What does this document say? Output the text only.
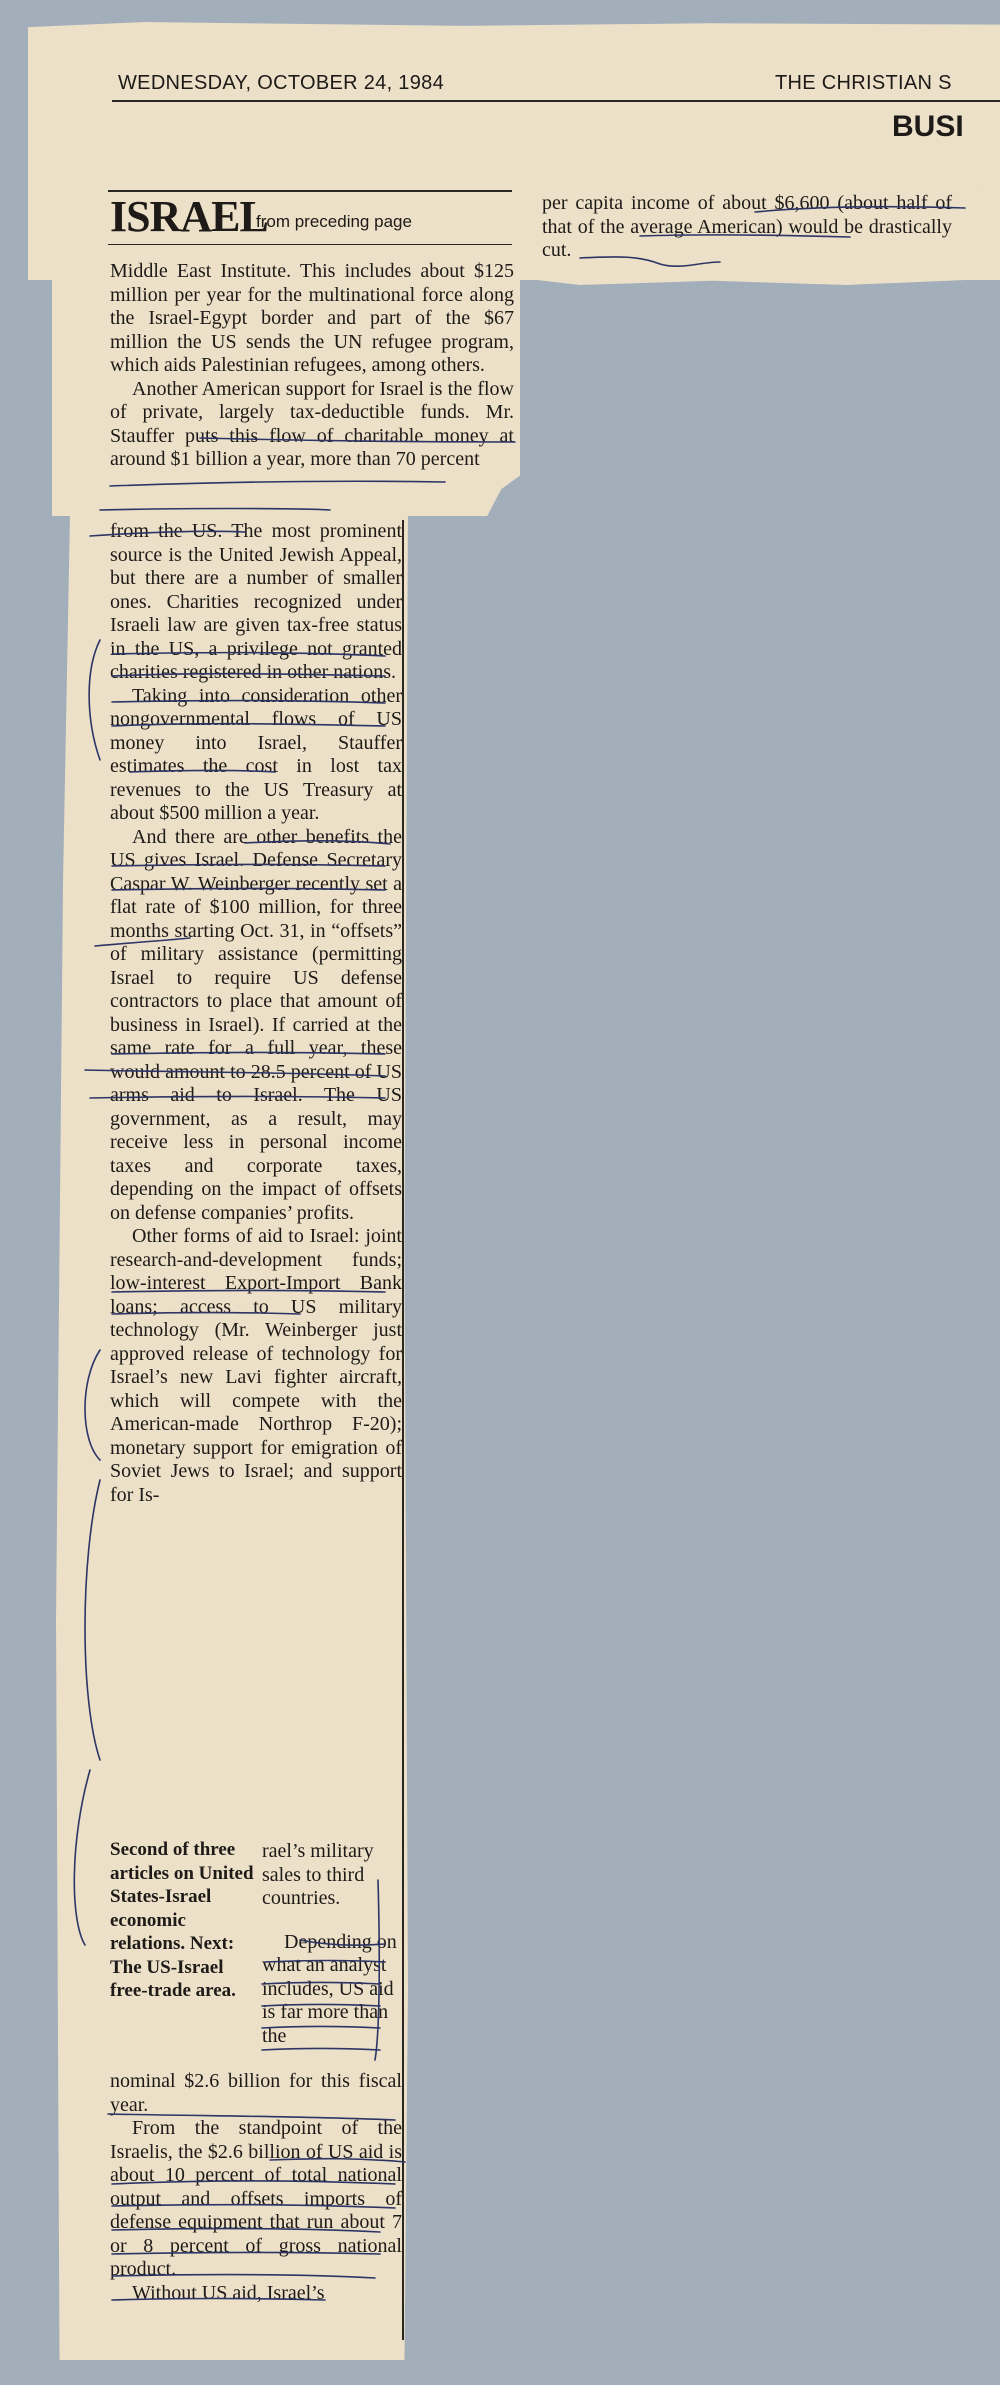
WEDNESDAY, OCTOBER 24, 1984	THE CHRISTIAN S
BUSI
ISRAEL
from preceding page

per capita income of about $6,600 (about half of that of the average American) would be drastically cut.

Middle East Institute. This includes about $125 million per year for the multinational force along the Israel-Egypt border and part of the $67 million the US sends the UN refugee program, which aids Palestinian refugees, among others.

Another American support for Israel is the flow of private, largely tax-deductible funds. Mr. Stauffer puts this flow of charitable money at around $1 billion a year, more than 70 percent

from the US. The most prominent source is the United Jewish Appeal, but there are a number of smaller ones. Charities recognized under Israeli law are given tax-free status in the US, a privilege not granted charities registered in other nations.

Taking into consideration other nongovernmental flows of US money into Israel, Stauffer estimates the cost in lost tax revenues to the US Treasury at about $500 million a year.

And there are other benefits the US gives Israel. Defense Secretary Caspar W. Weinberger recently set a flat rate of $100 million, for three months starting Oct. 31, in “offsets” of military assistance (permitting Israel to require US defense contractors to place that amount of business in Israel). If carried at the same rate for a full year, these would amount to 28.5 percent of US arms aid to Israel. The US government, as a result, may receive less in personal income taxes and corporate taxes, depending on the impact of offsets on defense companies’ profits.

Other forms of aid to Israel: joint research-and-development funds; low-interest Export-Import Bank loans; access to US military technology (Mr. Weinberger just approved release of technology for Israel’s new Lavi fighter aircraft, which will compete with the American-made Northrop F-20); monetary support for emigration of Soviet Jews to Israel; and support for Is-

Second of three articles on United States-Israel economic relations. Next: The US-Israel free-trade area.

rael’s military sales to third countries.

Depending on what an analyst includes, US aid is far more than the

nominal $2.6 billion for this fiscal year.

From the standpoint of the Israelis, the $2.6 billion of US aid is about 10 percent of total national output and offsets imports of defense equipment that run about 7 or 8 percent of gross national product.

Without US aid, Israel’s
